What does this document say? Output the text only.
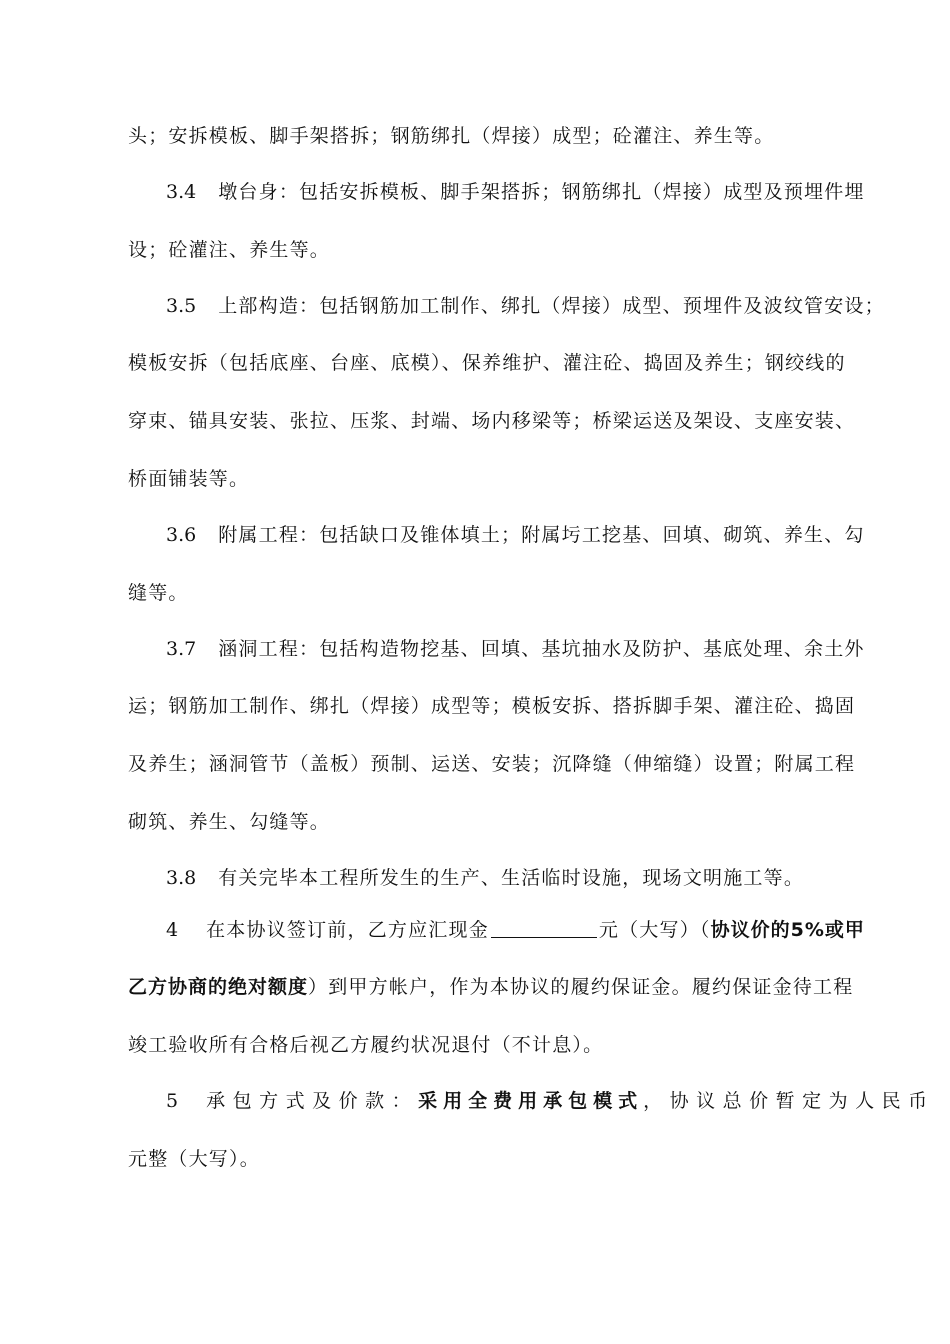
头；安拆模板、脚手架搭拆；钢筋绑扎（焊接）成型；砼灌注、养生等。
3.4 墩台身：包括安拆模板、脚手架搭拆；钢筋绑扎（焊接）成型及预埋件埋
设；砼灌注、养生等。
3.5 上部构造：包括钢筋加工制作、绑扎（焊接）成型、预埋件及波纹管安设；
模板安拆（包括底座、台座、底模）、保养维护、灌注砼、捣固及养生；钢绞线的
穿束、锚具安装、张拉、压浆、封端、场内移梁等；桥梁运送及架设、支座安装、
桥面铺装等。
3.6 附属工程：包括缺口及锥体填土；附属圬工挖基、回填、砌筑、养生、勾
缝等。
3.7 涵洞工程：包括构造物挖基、回填、基坑抽水及防护、基底处理、余土外
运；钢筋加工制作、绑扎（焊接）成型等；模板安拆、搭拆脚手架、灌注砼、捣固
及养生；涵洞管节（盖板）预制、运送、安装；沉降缝（伸缩缝）设置；附属工程
砌筑、养生、勾缝等。
3.8 有关完毕本工程所发生的生产、生活临时设施，现场文明施工等。
4 在本协议签订前，乙方应汇现金	元（大写）（协议价的5%或甲
乙方协商的绝对额度）到甲方帐户，作为本协议的履约保证金。履约保证金待工程
竣工验收所有合格后视乙方履约状况退付（不计息）。
5 承包方式及价款：采用全费用承包模式，协议总价暂定为人民币
元整（大写）。
